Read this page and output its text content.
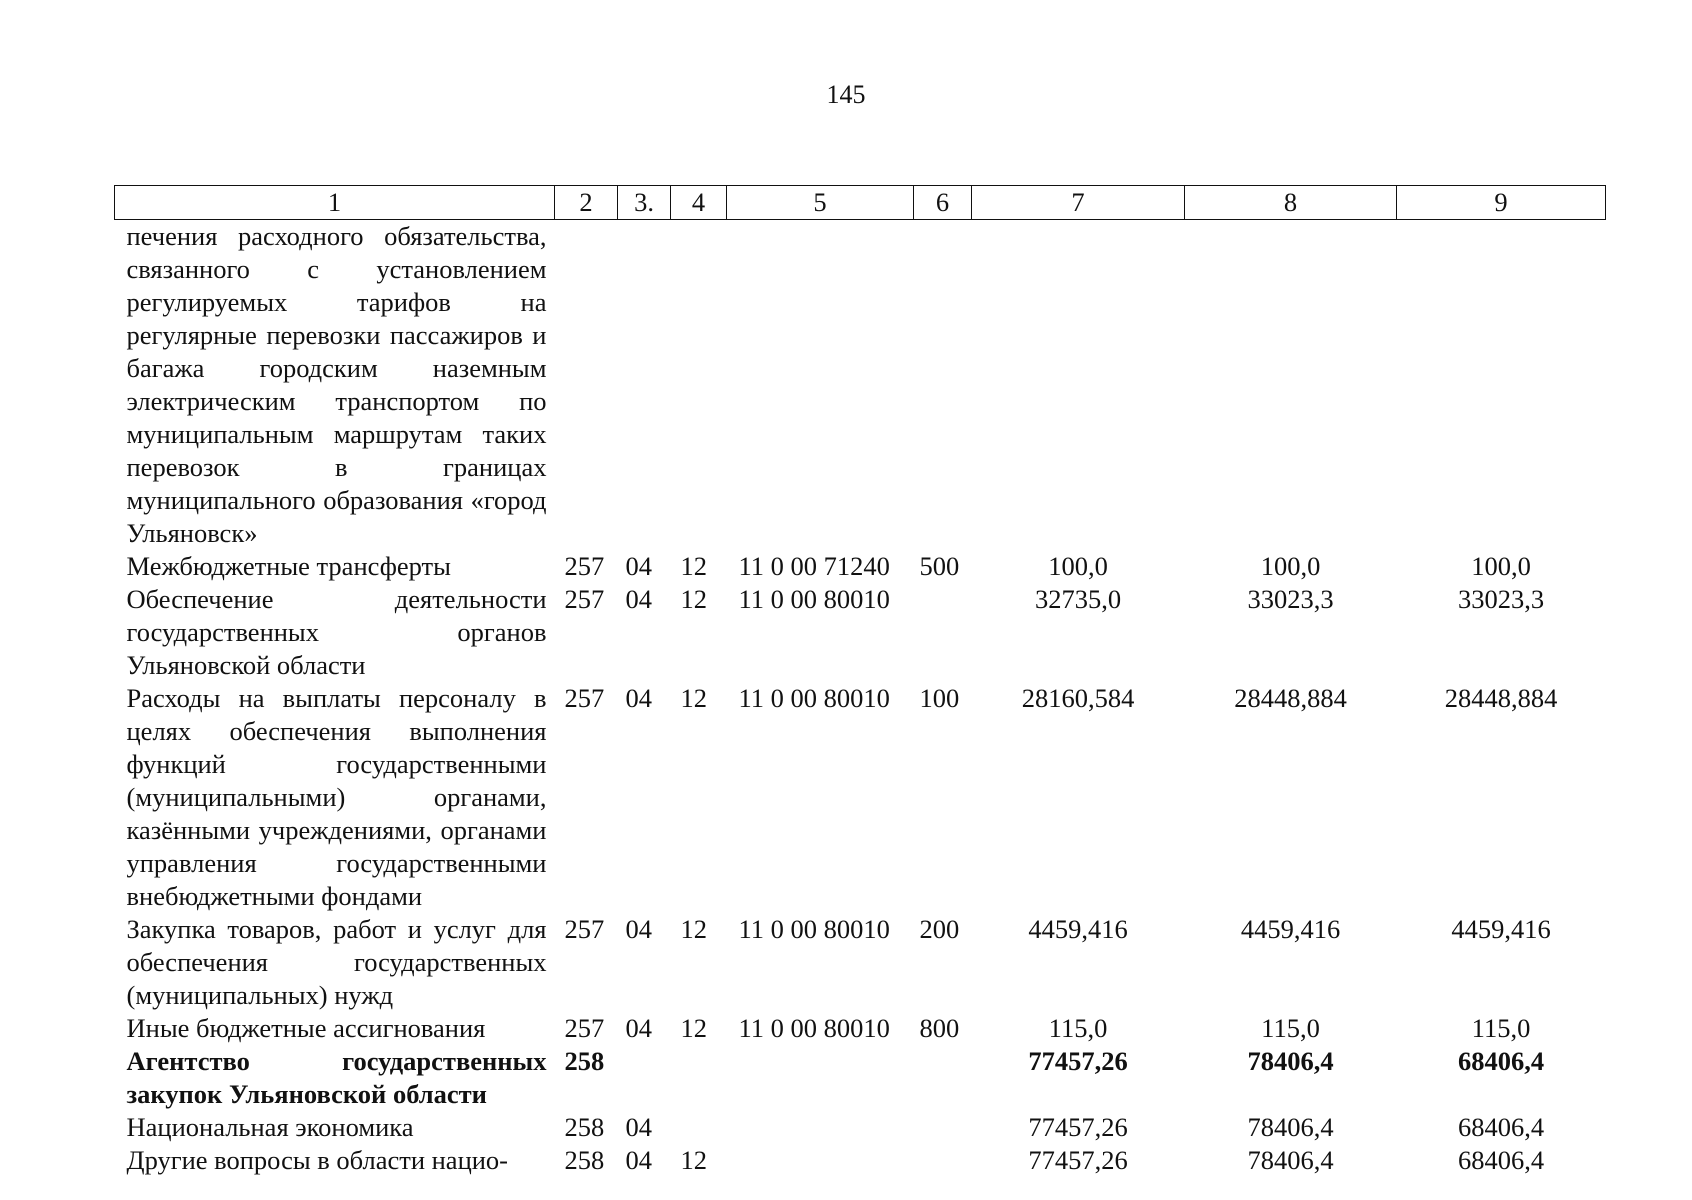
145
1	2	3.	4	5	6	7	8	9
печения расходного обязательства, связанного с установлением регулируемых тарифов на регулярные перевозки пассажиров и багажа городским наземным электрическим транспортом по муниципальным маршрутам таких перевозок в границах муниципального образования «город Ульяновск»								
Межбюджетные трансферты	257	04	12	11 0 00 71240	500	100,0	100,0	100,0
Обеспечение деятельности государственных органов Ульяновской области	257	04	12	11 0 00 80010		32735,0	33023,3	33023,3
Расходы на выплаты персоналу в целях обеспечения выполнения функций государственными (муниципальными) органами, казёнными учреждениями, органами управления государственными внебюджетными фондами	257	04	12	11 0 00 80010	100	28160,584	28448,884	28448,884
Закупка товаров, работ и услуг для обеспечения государственных (муниципальных) нужд	257	04	12	11 0 00 80010	200	4459,416	4459,416	4459,416
Иные бюджетные ассигнования	257	04	12	11 0 00 80010	800	115,0	115,0	115,0
Агентство государственных закупок Ульяновской области	258					77457,26	78406,4	68406,4
Национальная экономика	258	04				77457,26	78406,4	68406,4
Другие вопросы в области нацио-	258	04	12			77457,26	78406,4	68406,4
